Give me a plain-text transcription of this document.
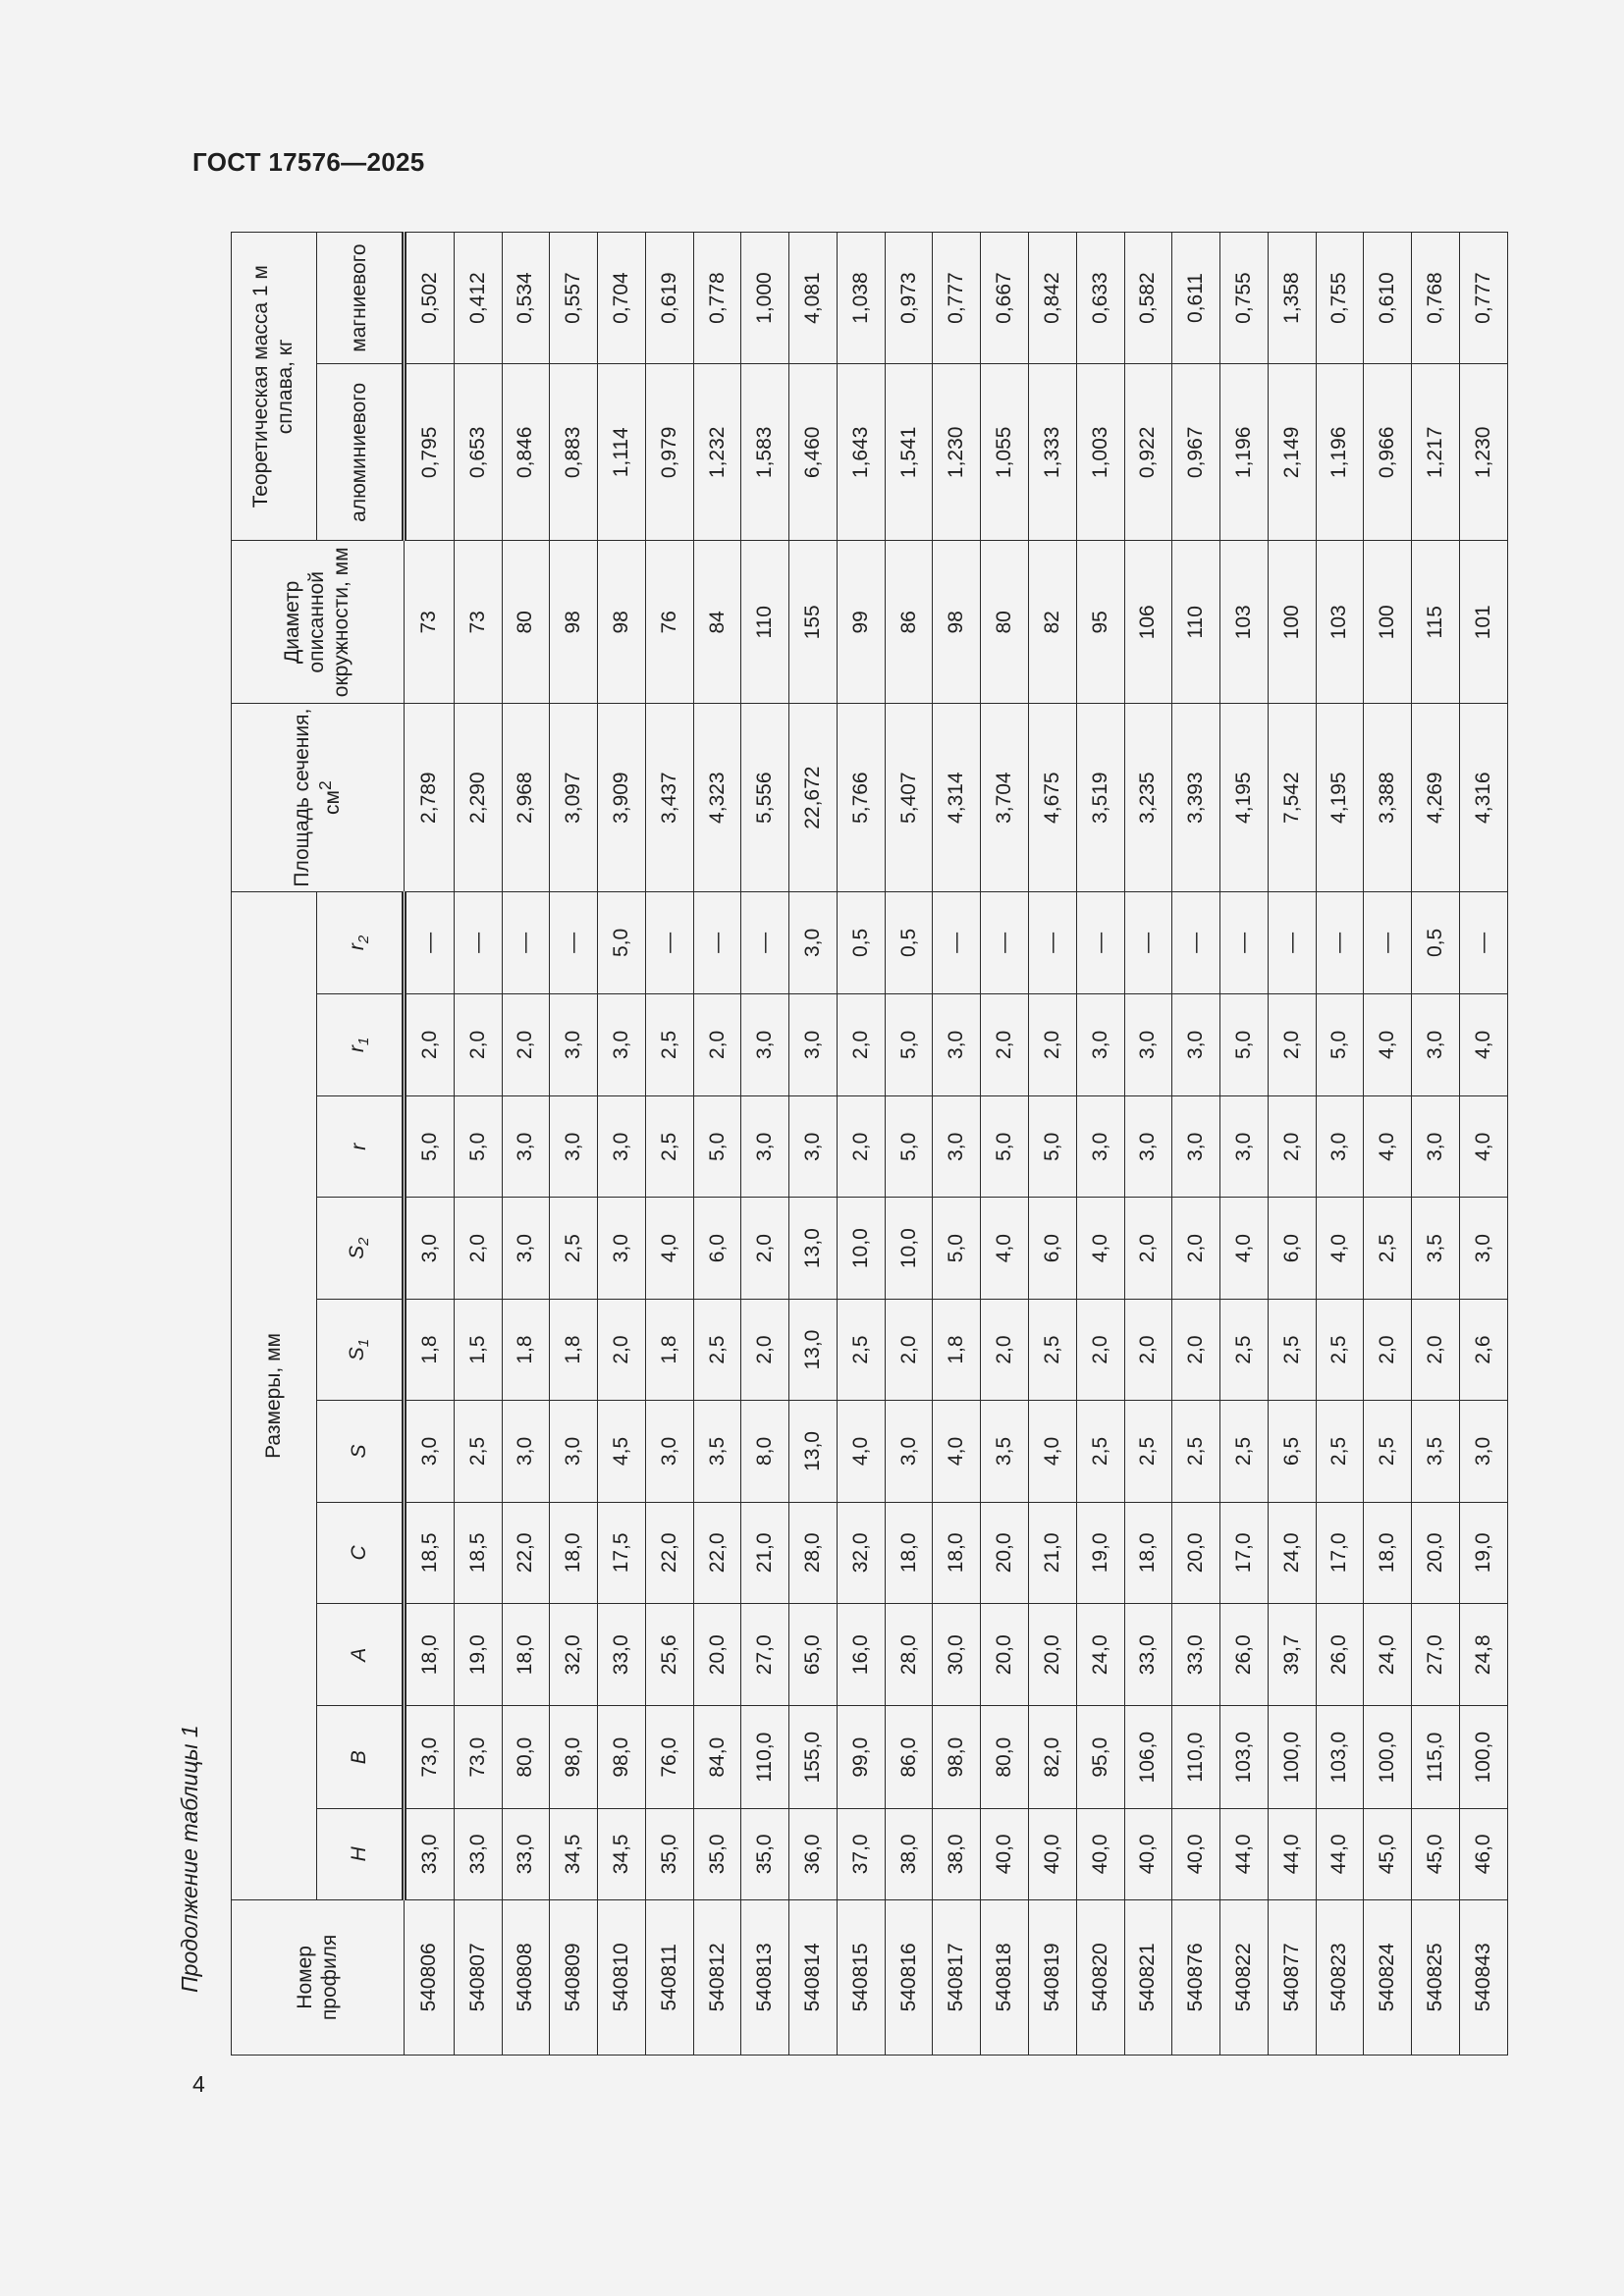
ГОСТ 17576—2025
Продолжение таблицы 1
4
Номер профиля	Размеры, мм										Площадь сечения, $см^2$	Диаметр описанной окружности, мм	Теоретическая масса 1 м сплава, кг	
	H	B	A	C	S	$S_1$	$S_2$	r	$r_1$	$r_2$			алюминиевого	магниевого
540806	33,0	73,0	18,0	18,5	3,0	1,8	3,0	5,0	2,0	—	2,789	73	0,795	0,502
540807	33,0	73,0	19,0	18,5	2,5	1,5	2,0	5,0	2,0	—	2,290	73	0,653	0,412
540808	33,0	80,0	18,0	22,0	3,0	1,8	3,0	3,0	2,0	—	2,968	80	0,846	0,534
540809	34,5	98,0	32,0	18,0	3,0	1,8	2,5	3,0	3,0	—	3,097	98	0,883	0,557
540810	34,5	98,0	33,0	17,5	4,5	2,0	3,0	3,0	3,0	5,0	3,909	98	1,114	0,704
540811	35,0	76,0	25,6	22,0	3,0	1,8	4,0	2,5	2,5	—	3,437	76	0,979	0,619
540812	35,0	84,0	20,0	22,0	3,5	2,5	6,0	5,0	2,0	—	4,323	84	1,232	0,778
540813	35,0	110,0	27,0	21,0	8,0	2,0	2,0	3,0	3,0	—	5,556	110	1,583	1,000
540814	36,0	155,0	65,0	28,0	13,0	13,0	13,0	3,0	3,0	3,0	22,672	155	6,460	4,081
540815	37,0	99,0	16,0	32,0	4,0	2,5	10,0	2,0	2,0	0,5	5,766	99	1,643	1,038
540816	38,0	86,0	28,0	18,0	3,0	2,0	10,0	5,0	5,0	0,5	5,407	86	1,541	0,973
540817	38,0	98,0	30,0	18,0	4,0	1,8	5,0	3,0	3,0	—	4,314	98	1,230	0,777
540818	40,0	80,0	20,0	20,0	3,5	2,0	4,0	5,0	2,0	—	3,704	80	1,055	0,667
540819	40,0	82,0	20,0	21,0	4,0	2,5	6,0	5,0	2,0	—	4,675	82	1,333	0,842
540820	40,0	95,0	24,0	19,0	2,5	2,0	4,0	3,0	3,0	—	3,519	95	1,003	0,633
540821	40,0	106,0	33,0	18,0	2,5	2,0	2,0	3,0	3,0	—	3,235	106	0,922	0,582
540876	40,0	110,0	33,0	20,0	2,5	2,0	2,0	3,0	3,0	—	3,393	110	0,967	0,611
540822	44,0	103,0	26,0	17,0	2,5	2,5	4,0	3,0	5,0	—	4,195	103	1,196	0,755
540877	44,0	100,0	39,7	24,0	6,5	2,5	6,0	2,0	2,0	—	7,542	100	2,149	1,358
540823	44,0	103,0	26,0	17,0	2,5	2,5	4,0	3,0	5,0	—	4,195	103	1,196	0,755
540824	45,0	100,0	24,0	18,0	2,5	2,0	2,5	4,0	4,0	—	3,388	100	0,966	0,610
540825	45,0	115,0	27,0	20,0	3,5	2,0	3,5	3,0	3,0	0,5	4,269	115	1,217	0,768
540843	46,0	100,0	24,8	19,0	3,0	2,6	3,0	4,0	4,0	—	4,316	101	1,230	0,777
